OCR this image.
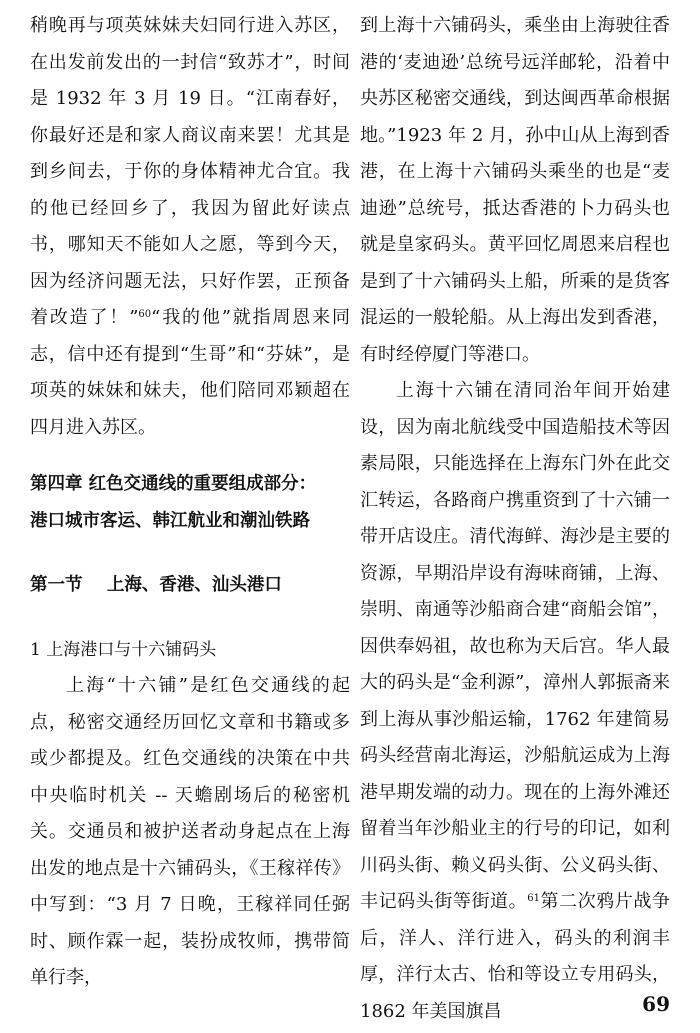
稍晚再与项英妹妹夫妇同行进入苏区，在出发前发出的一封信“致苏才”，时间是 1932 年 3 月 19 日。“江南春好，你最好还是和家人商议南来罢！尤其是到乡间去，于你的身体精神尤合宜。我的他已经回乡了，我因为留此好读点书，哪知天不能如人之愿，等到今天，因为经济问题无法，只好作罢，正预备着改造了！”$^{60}$“我的他”就指周恩来同志，信中还有提到“生哥”和“芬妹”，是项英的妹妹和妹夫，他们陪同邓颖超在四月进入苏区。

第四章 红色交通线的重要组成部分：
港口城市客运、韩江航业和潮汕铁路

第一节    上海、香港、汕头港口

1 上海港口与十六铺码头

上海“十六铺”是红色交通线的起点，秘密交通经历回忆文章和书籍或多或少都提及。红色交通线的决策在中共中央临时机关 -- 天蟾剧场后的秘密机关。交通员和被护送者动身起点在上海出发的地点是十六铺码头，《王稼祥传》中写到：“3 月 7 日晚，王稼祥同任弼时、顾作霖一起，装扮成牧师，携带简单行李，

到上海十六铺码头，乘坐由上海驶往香港的‘麦迪逊’总统号远洋邮轮，沿着中央苏区秘密交通线，到达闽西革命根据地。”1923 年 2 月，孙中山从上海到香港，在上海十六铺码头乘坐的也是“麦迪逊”总统号，抵达香港的卜力码头也就是皇家码头。黄平回忆周恩来启程也是到了十六铺码头上船，所乘的是货客混运的一般轮船。从上海出发到香港，有时经停厦门等港口。

上海十六铺在清同治年间开始建设，因为南北航线受中国造船技术等因素局限，只能选择在上海东门外在此交汇转运，各路商户携重资到了十六铺一带开店设庄。清代海鲜、海沙是主要的资源，早期沿岸设有海味商铺，上海、崇明、南通等沙船商合建“商船会馆”，因供奉妈祖，故也称为天后宫。华人最大的码头是“金利源”，漳州人郭振斋来到上海从事沙船运输，1762 年建简易码头经营南北海运，沙船航运成为上海港早期发端的动力。现在的上海外滩还留着当年沙船业主的行号的印记，如利川码头街、赖义码头街、公义码头街、丰记码头街等街道。$^{61}$第二次鸦片战争后，洋人、洋行进入，码头的利润丰厚，洋行太古、怡和等设立专用码头，1862 年美国旗昌	69
